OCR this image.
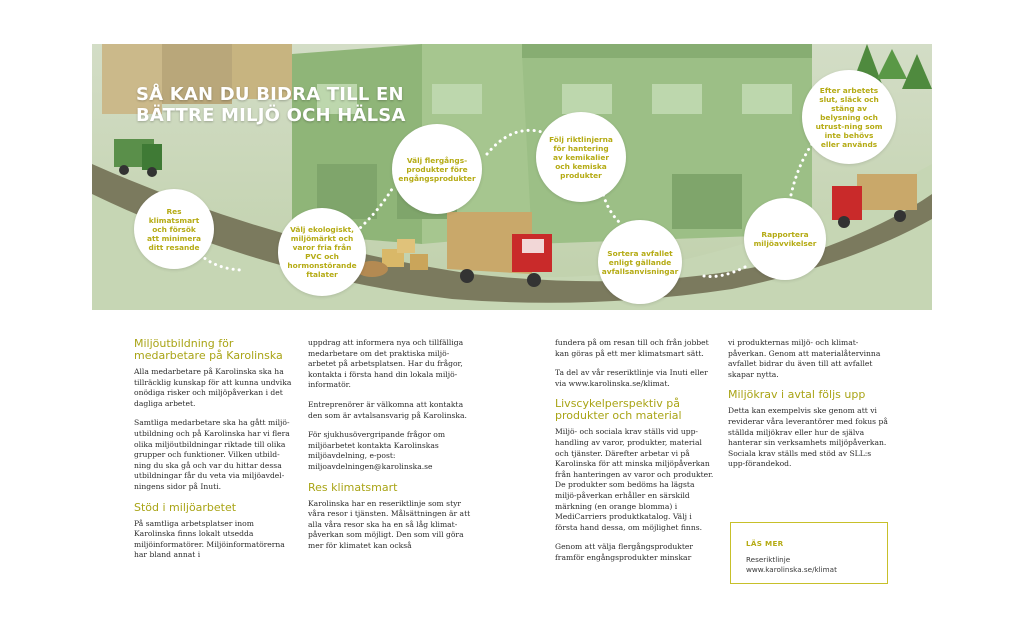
SÅ KAN DU BIDRA TILL EN
BÄTTRE MILJÖ OCH HÄLSA
Res klimatsmart och försök att minimera ditt resande
Välj ekologiskt, miljömärkt och varor fria från PVC och hormonstörande ftalater
Välj flergångs-produkter före engångsprodukter
Följ riktlinjerna för hantering av kemikalier och kemiska produkter
Sortera avfallet enligt gällande avfallsanvisningar
Rapportera miljöavvikelser
Efter arbetets slut, släck och stäng av belysning och utrust-ning som inte behövs eller används
Miljöutbildning för medarbetare på Karolinska

Alla medarbetare på Karolinska ska ha tillräcklig kunskap för att kunna undvika onödiga risker och miljöpåverkan i det dagliga arbetet.

Samtliga medarbetare ska ha gått miljö-utbildning och på Karolinska har vi flera olika miljöutbildningar riktade till olika grupper och funktioner. Vilken utbild-ning du ska gå och var du hittar dessa utbildningar får du veta via miljöavdel-ningens sidor på Inuti.

Stöd i miljöarbetet

På samtliga arbetsplatser inom Karolinska finns lokalt utsedda miljöinformatörer. Miljöinformatörerna har bland annat i

uppdrag att informera nya och tillfälliga medarbetare om det praktiska miljö-arbetet på arbetsplatsen. Har du frågor, kontakta i första hand din lokala miljö-informatör.

Entreprenörer är välkomna att kontakta den som är avtalsansvarig på Karolinska.

För sjukhusövergripande frågor om miljöarbetet kontakta Karolinskas miljöavdelning, e-post: miljoavdelningen@karolinska.se

Res klimatsmart

Karolinska har en reseriktlinje som styr våra resor i tjänsten. Målsättningen är att alla våra resor ska ha en så låg klimat-påverkan som möjligt. Den som vill göra mer för klimatet kan också

fundera på om resan till och från jobbet kan göras på ett mer klimatsmart sätt.

Ta del av vår reseriktlinje via Inuti eller via www.karolinska.se/klimat.

Livscykelperspektiv på produkter och material

Miljö- och sociala krav ställs vid upp-handling av varor, produkter, material och tjänster. Därefter arbetar vi på Karolinska för att minska miljöpåverkan från hanteringen av varor och produkter. De produkter som bedöms ha lägsta miljö-påverkan erhåller en särskild märkning (en orange blomma) i MediCarriers produktkatalog. Välj i första hand dessa, om möjlighet finns.

Genom att välja flergångsprodukter framför engångsprodukter minskar

vi produkternas miljö- och klimat-påverkan. Genom att materialåtervinna avfallet bidrar du även till att avfallet skapar nytta.

Miljökrav i avtal följs upp

Detta kan exempelvis ske genom att vi reviderar våra leverantörer med fokus på ställda miljökrav eller hur de själva hanterar sin verksamhets miljöpåverkan. Sociala krav ställs med stöd av SLL:s upp-förandekod.

LÄS MER
Reseriktlinje
www.karolinska.se/klimat
